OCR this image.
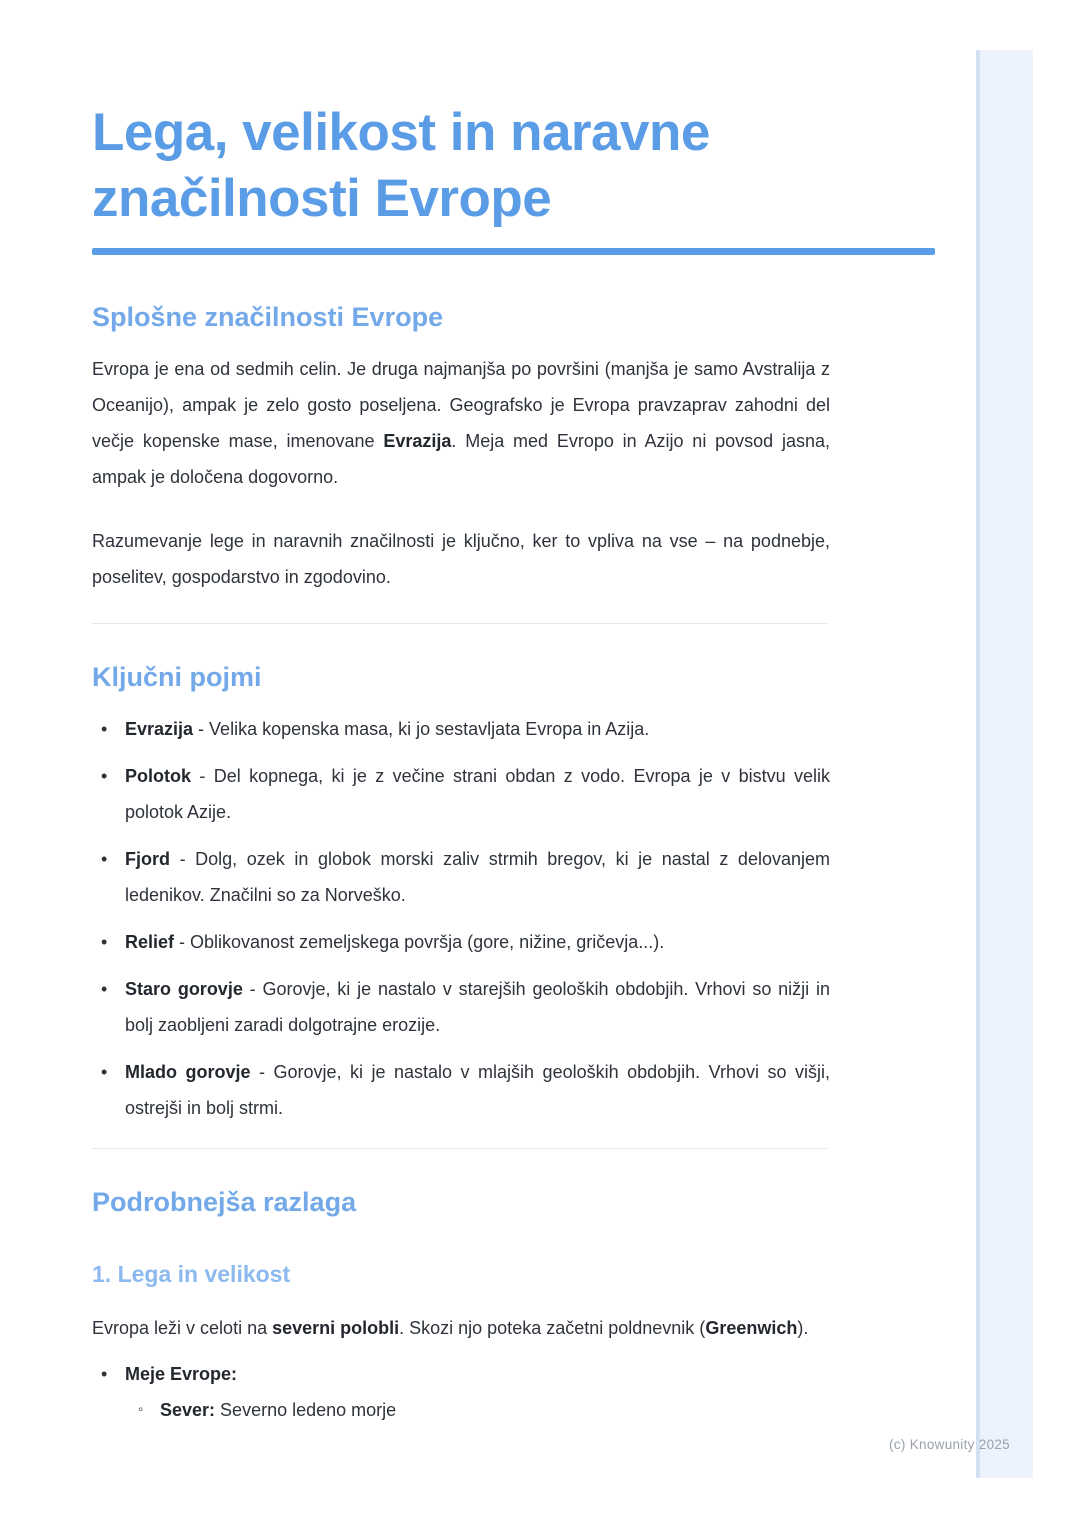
Lega, velikost in naravne
značilnosti Evrope
Splošne značilnosti Evrope

Evropa je ena od sedmih celin. Je druga najmanjša po površini (manjša je samo Avstralija z Oceanijo), ampak je zelo gosto poseljena. Geografsko je Evropa pravzaprav zahodni del večje kopenske mase, imenovane Evrazija. Meja med Evropo in Azijo ni povsod jasna, ampak je določena dogovorno.

Razumevanje lege in naravnih značilnosti je ključno, ker to vpliva na vse – na podnebje, poselitev, gospodarstvo in zgodovino.

Ključni pojmi
•
Evrazija - Velika kopenska masa, ki jo sestavljata Evropa in Azija.
•
Polotok - Del kopnega, ki je z večine strani obdan z vodo. Evropa je v bistvu velik polotok Azije.
•
Fjord - Dolg, ozek in globok morski zaliv strmih bregov, ki je nastal z delovanjem ledenikov. Značilni so za Norveško.
•
Relief - Oblikovanost zemeljskega površja (gore, nižine, gričevja...).
•
Staro gorovje - Gorovje, ki je nastalo v starejših geoloških obdobjih. Vrhovi so nižji in bolj zaobljeni zaradi dolgotrajne erozije.
•
Mlado gorovje - Gorovje, ki je nastalo v mlajših geoloških obdobjih. Vrhovi so višji, ostrejši in bolj strmi.
Podrobnejša razlaga
1. Lega in velikost

Evropa leži v celoti na severni polobli. Skozi njo poteka začetni poldnevnik (Greenwich).

•
Meje Evrope:
◦
Sever: Severno ledeno morje
(c) Knowunity 2025
